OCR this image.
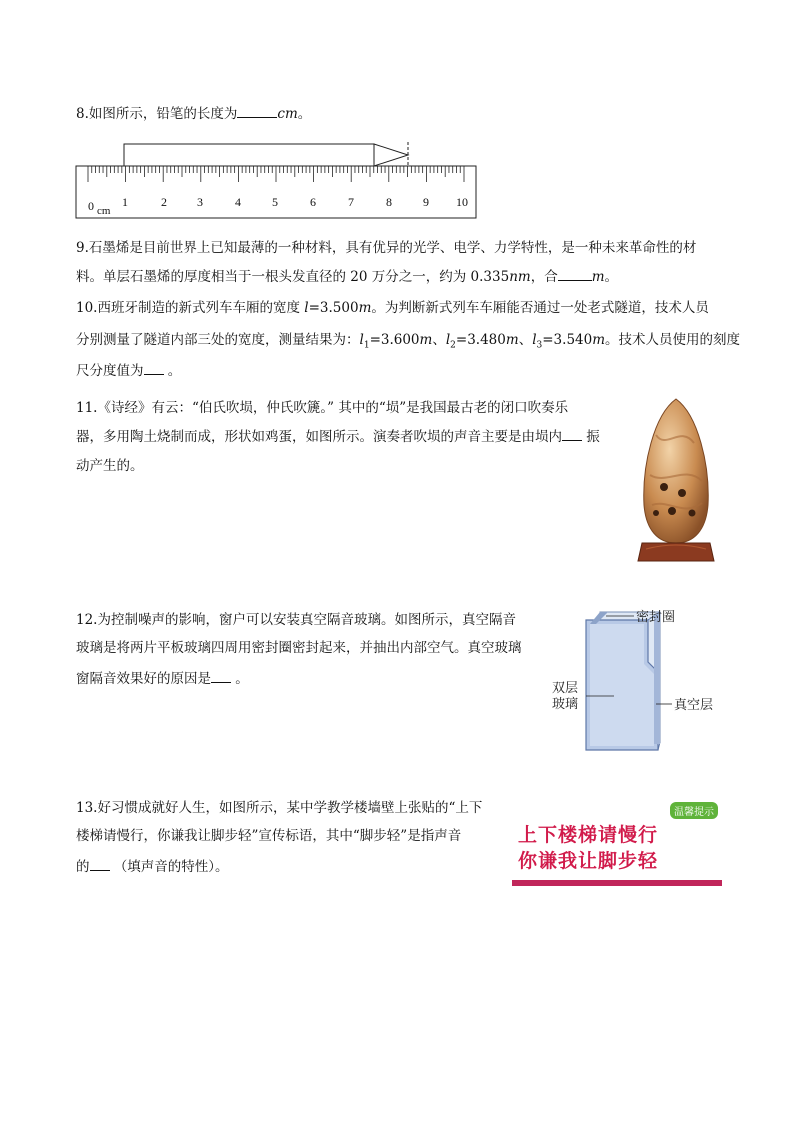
8.如图所示，铅笔的长度为	cm。
0 cm
1	2	3	4	5	6	7	8	9 10
9.石墨烯是目前世界上已知最薄的一种材料，具有优异的光学、电学、力学特性，是一种未来革命性的材
料。单层石墨烯的厚度相当于一根头发直径的 20 万分之一，约为 0.335nm，合	m。
10.西班牙制造的新式列车车厢的宽度 l=3.500m。为判断新式列车车厢能否通过一处老式隧道，技术人员
分别测量了隧道内部三处的宽度，测量结果为：$l_1=3.600m$、$l_2=3.480m$、$l_3=3.540m$。技术人员使用的刻度
尺分度值为 。
11.《诗经》有云：“伯氏吹埙，仲氏吹篪。” 其中的“埙”是我国最古老的闭口吹奏乐
器，多用陶土烧制而成，形状如鸡蛋，如图所示。演奏者吹埙的声音主要是由埙内 振
动产生的。
12.为控制噪声的影响，窗户可以安装真空隔音玻璃。如图所示，真空隔音
玻璃是将两片平板玻璃四周用密封圈密封起来，并抽出内部空气。真空玻璃
窗隔音效果好的原因是 。
密封圈
双层
玻璃	真空层
13.好习惯成就好人生，如图所示，某中学教学楼墙壁上张贴的“上下
楼梯请慢行，你谦我让脚步轻”宣传标语，其中“脚步轻”是指声音
的 （填声音的特性）。
温馨提示
上下楼梯请慢行
你谦我让脚步轻
